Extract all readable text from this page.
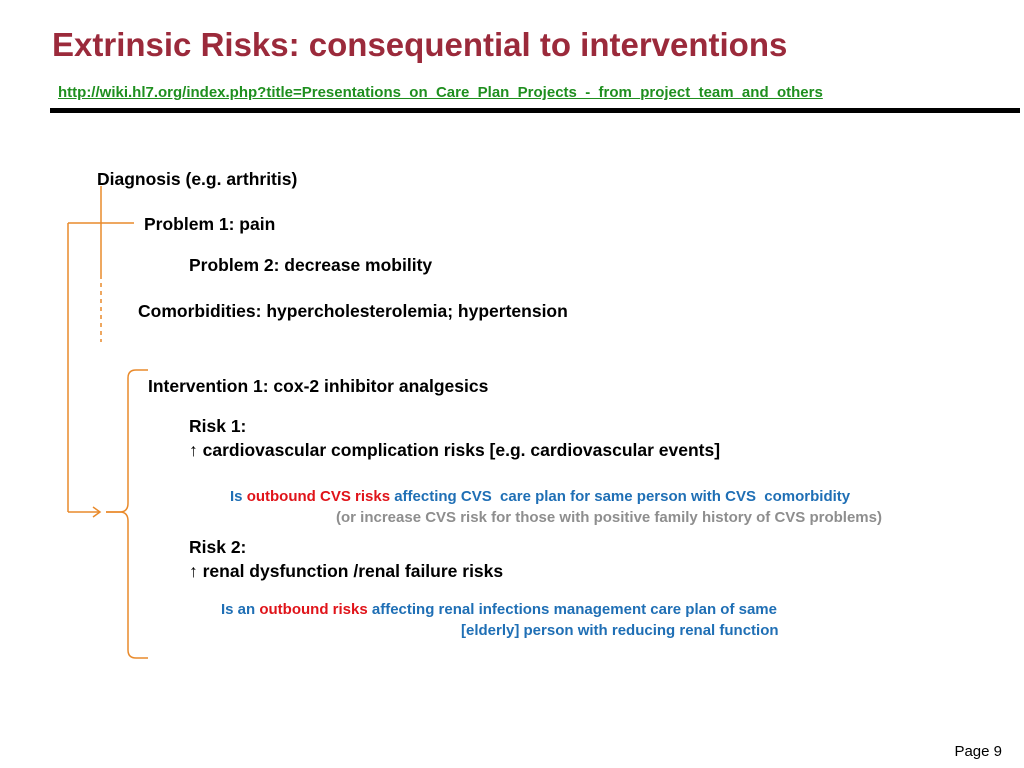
Extrinsic Risks: consequential to interventions
http://wiki.hl7.org/index.php?title=Presentations_on_Care_Plan_Projects_-_from_project_team_and_others
Diagnosis (e.g. arthritis)
Problem 1: pain
Problem 2: decrease mobility
Comorbidities: hypercholesterolemia; hypertension
Intervention 1: cox-2 inhibitor analgesics
Risk 1:
↑ cardiovascular complication risks [e.g. cardiovascular events]
Is outbound CVS risks affecting CVS  care plan for same person with CVS  comorbidity
(or increase CVS risk for those with positive family history of CVS problems)
Risk 2:
↑ renal dysfunction /renal failure risks
Is an outbound risks affecting renal infections management care plan of same
[elderly] person with reducing renal function
Page 9
